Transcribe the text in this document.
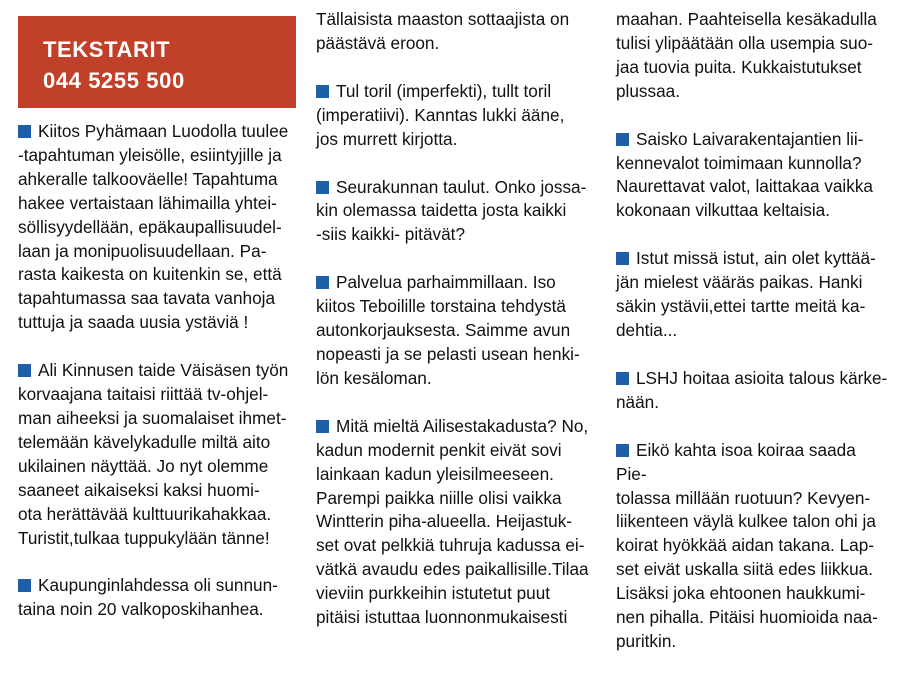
TEKSTARIT
044 5255 500

Kiitos Pyhämaan Luodolla tuulee
-tapahtuman yleisölle, esiintyjille ja
ahkeralle talkooväelle! Tapahtuma
hakee vertaistaan lähimailla yhtei-
söllisyydellään, epäkaupallisuudel-
laan ja monipuolisuudellaan. Pa-
rasta kaikesta on kuitenkin se, että
tapahtumassa saa tavata vanhoja
tuttuja ja saada uusia ystäviä !

Ali Kinnusen taide Väisäsen työn
korvaajana taitaisi riittää tv-ohjel-
man aiheeksi ja suomalaiset ihmet-
telemään kävelykadulle miltä aito
ukilainen näyttää. Jo nyt olemme
saaneet aikaiseksi kaksi huomi-
ota herättävää kulttuurikahakkaa.
Turistit,tulkaa tuppukylään tänne!

Kaupunginlahdessa oli sunnun-
taina noin 20 valkoposkihanhea.

Tällaisista maaston sottaajista on
päästävä eroon.

Tul toril (imperfekti), tullt toril
(imperatiivi). Kanntas lukki ääne,
jos murrett kirjotta.

Seurakunnan taulut. Onko jossa-
kin olemassa taidetta josta kaikki
-siis kaikki- pitävät?

Palvelua parhaimmillaan. Iso
kiitos Teboilille torstaina tehdystä
autonkorjauksesta. Saimme avun
nopeasti ja se pelasti usean henki-
lön kesäloman.

Mitä mieltä Ailisestakadusta? No,
kadun modernit penkit eivät sovi
lainkaan kadun yleisilmeeseen.
Parempi paikka niille olisi vaikka
Wintterin piha-alueella. Heijastuk-
set ovat pelkkiä tuhruja kadussa ei-
vätkä avaudu edes paikallisille.Tilaa
vieviin purkkeihin istutetut puut
pitäisi istuttaa luonnonmukaisesti

maahan. Paahteisella kesäkadulla
tulisi ylipäätään olla usempia suo-
jaa tuovia puita. Kukkaistutukset
plussaa.

Saisko Laivarakentajantien lii-
kennevalot toimimaan kunnolla?
Naurettavat valot, laittakaa vaikka
kokonaan vilkuttaa keltaisia.

Istut missä istut, ain olet kyttää-
jän mielest vääräs paikas. Hanki
säkin ystävii,ettei tartte meitä ka-
dehtia...

LSHJ hoitaa asioita talous kärke-
nään.

Eikö kahta isoa koiraa saada Pie-
tolassa millään ruotuun? Kevyen-
liikenteen väylä kulkee talon ohi ja
koirat hyökkää aidan takana. Lap-
set eivät uskalla siitä edes liikkua.
Lisäksi joka ehtoonen haukkumi-
nen pihalla. Pitäisi huomioida naa-
puritkin.
